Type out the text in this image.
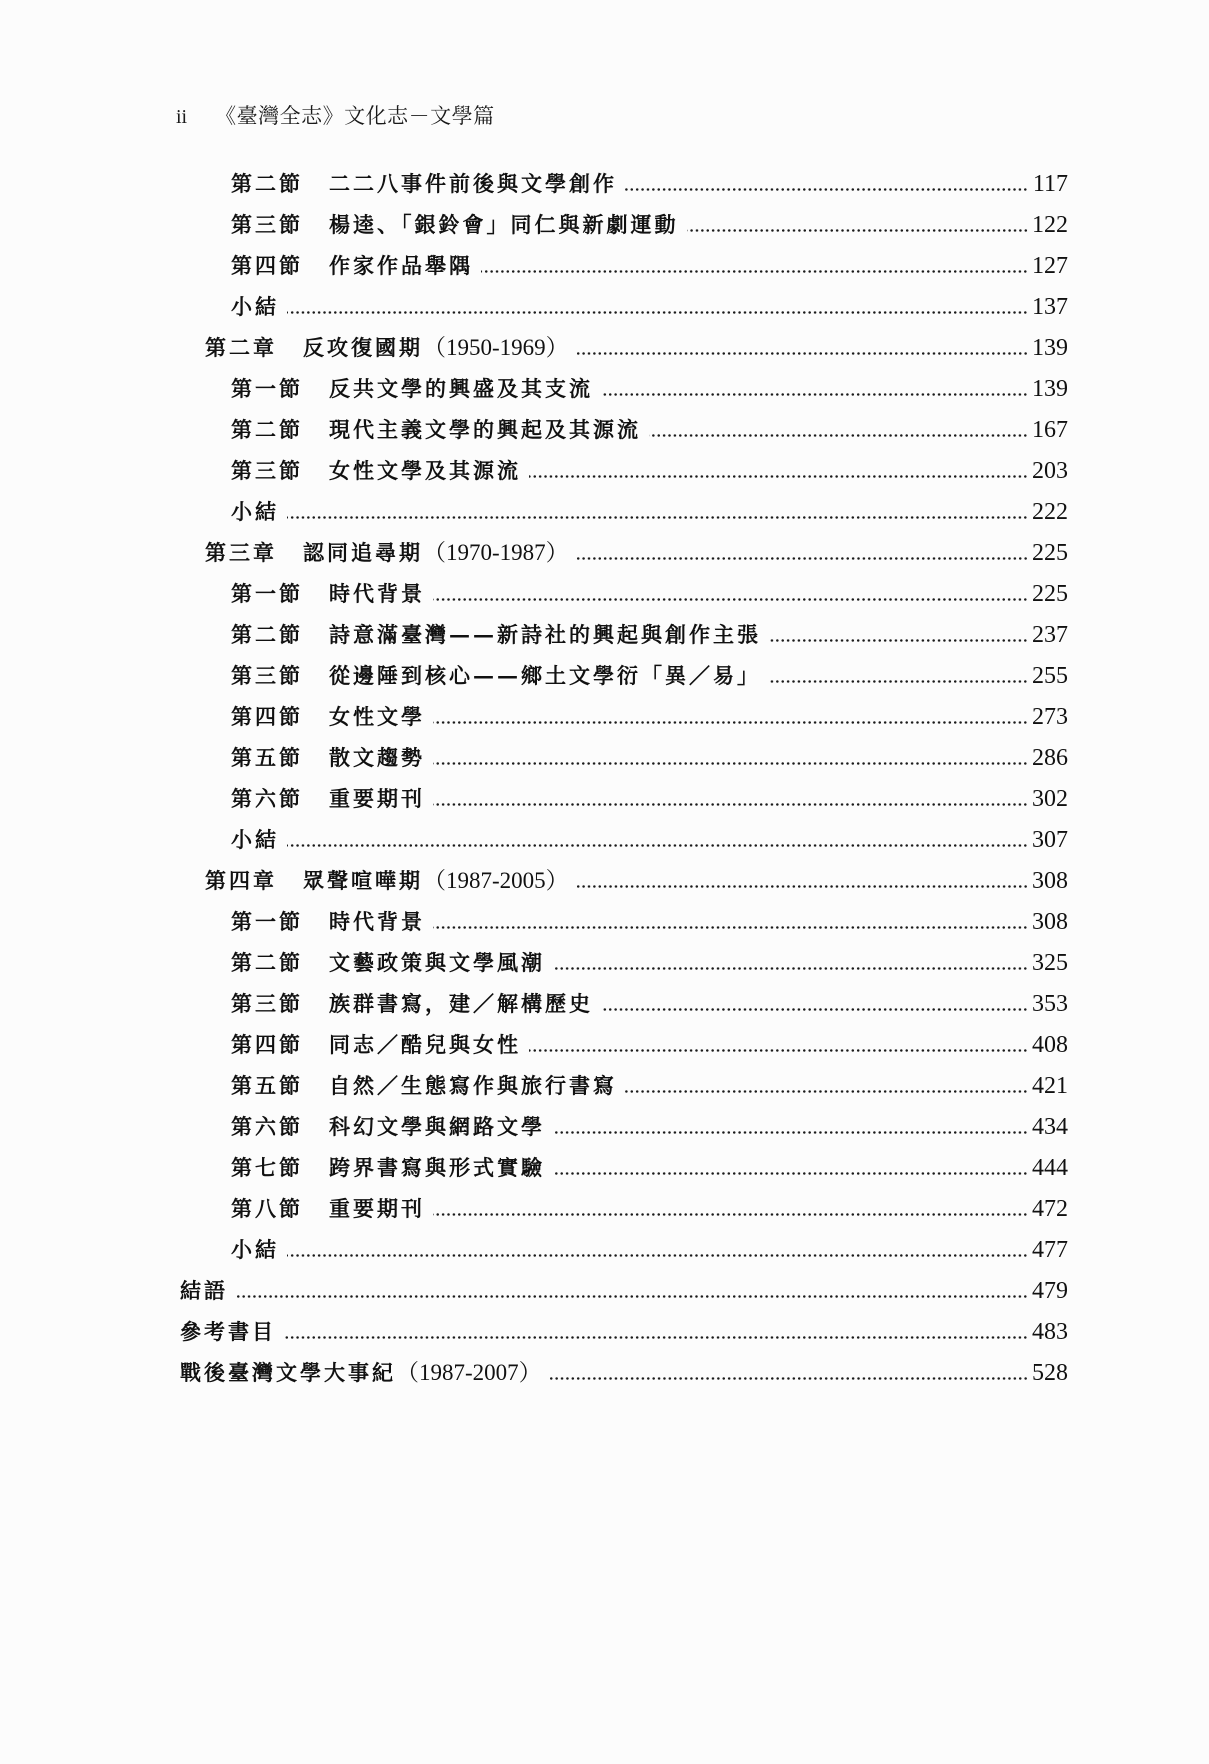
ii 《臺灣全志》文化志－文學篇
第二節 二二八事件前後與文學創作	117
第三節 楊逵、「銀鈴會」同仁與新劇運動	122
第四節 作家作品舉隅	127
小結	137
第二章 反攻復國期 （1950-1969）	139
第一節 反共文學的興盛及其支流	139
第二節 現代主義文學的興起及其源流	167
第三節 女性文學及其源流	203
小結	222
第三章 認同追尋期 （1970-1987）	225
第一節 時代背景	225
第二節 詩意滿臺灣——新詩社的興起與創作主張	237
第三節 從邊陲到核心——鄉土文學衍「異／易」	255
第四節 女性文學	273
第五節 散文趨勢	286
第六節 重要期刊	302
小結	307
第四章 眾聲喧嘩期 （1987-2005）	308
第一節 時代背景	308
第二節 文藝政策與文學風潮	325
第三節 族群書寫，建／解構歷史	353
第四節 同志／酷兒與女性	408
第五節 自然／生態寫作與旅行書寫	421
第六節 科幻文學與網路文學	434
第七節 跨界書寫與形式實驗	444
第八節 重要期刊	472
小結	477
結語	479
參考書目	483
戰後臺灣文學大事紀 （1987-2007）	528
